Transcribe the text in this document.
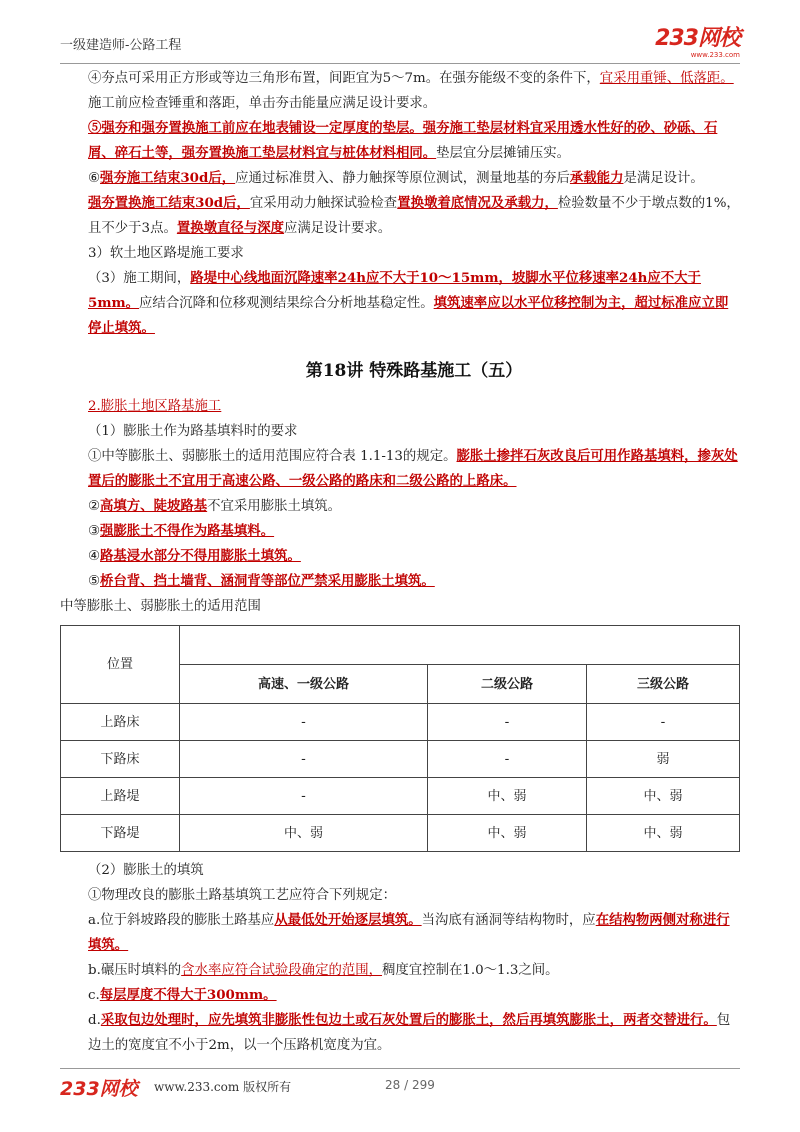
一级建造师-公路工程	233网校
www.233.com

④夯点可采用正方形或等边三角形布置，间距宜为5～7m。在强夯能级不变的条件下，宜采用重锤、低落距。施工前应检查锤重和落距，单击夯击能量应满足设计要求。

⑤强夯和强夯置换施工前应在地表铺设一定厚度的垫层。强夯施工垫层材料宜采用透水性好的砂、砂砾、石屑、碎石土等，强夯置换施工垫层材料宜与桩体材料相同。垫层宜分层摊铺压实。

⑥强夯施工结束30d后，应通过标准贯入、静力触探等原位测试，测量地基的夯后承载能力是满足设计。

强夯置换施工结束30d后，宜采用动力触探试验检查置换墩着底情况及承载力，检验数量不少于墩点数的1%，且不少于3点。置换墩直径与深度应满足设计要求。

3）软土地区路堤施工要求

（3）施工期间，路堤中心线地面沉降速率24h应不大于10～15mm，坡脚水平位移速率24h应不大于5mm。应结合沉降和位移观测结果综合分析地基稳定性。填筑速率应以水平位移控制为主，超过标准应立即停止填筑。

第18讲 特殊路基施工（五）

2.膨胀土地区路基施工

（1）膨胀土作为路基填料时的要求

①中等膨胀土、弱膨胀土的适用范围应符合表 1.1-13的规定。膨胀土掺拌石灰改良后可用作路基填料，掺灰处置后的膨胀土不宜用于高速公路、一级公路的路床和二级公路的上路床。

②高填方、陡坡路基不宜采用膨胀土填筑。

③强膨胀土不得作为路基填料。

④路基浸水部分不得用膨胀土填筑。

⑤桥台背、挡土墙背、涵洞背等部位严禁采用膨胀土填筑。

中等膨胀土、弱膨胀土的适用范围

位置			
	高速、一级公路	二级公路	三级公路
上路床	-	-	-
下路床	-	-	弱
上路堤	-	中、弱	中、弱
下路堤	中、弱	中、弱	中、弱

（2）膨胀土的填筑

①物理改良的膨胀土路基填筑工艺应符合下列规定：

a.位于斜坡路段的膨胀土路基应从最低处开始逐层填筑。当沟底有涵洞等结构物时，应在结构物两侧对称进行填筑。

b.碾压时填料的含水率应符合试验段确定的范围，稠度宜控制在1.0～1.3之间。

c.每层厚度不得大于300mm。

d.采取包边处理时，应先填筑非膨胀性包边土或石灰处置后的膨胀土，然后再填筑膨胀土，两者交替进行。包边土的宽度宜不小于2m，以一个压路机宽度为宜。

233网校 www.233.com 版权所有	28 / 299
